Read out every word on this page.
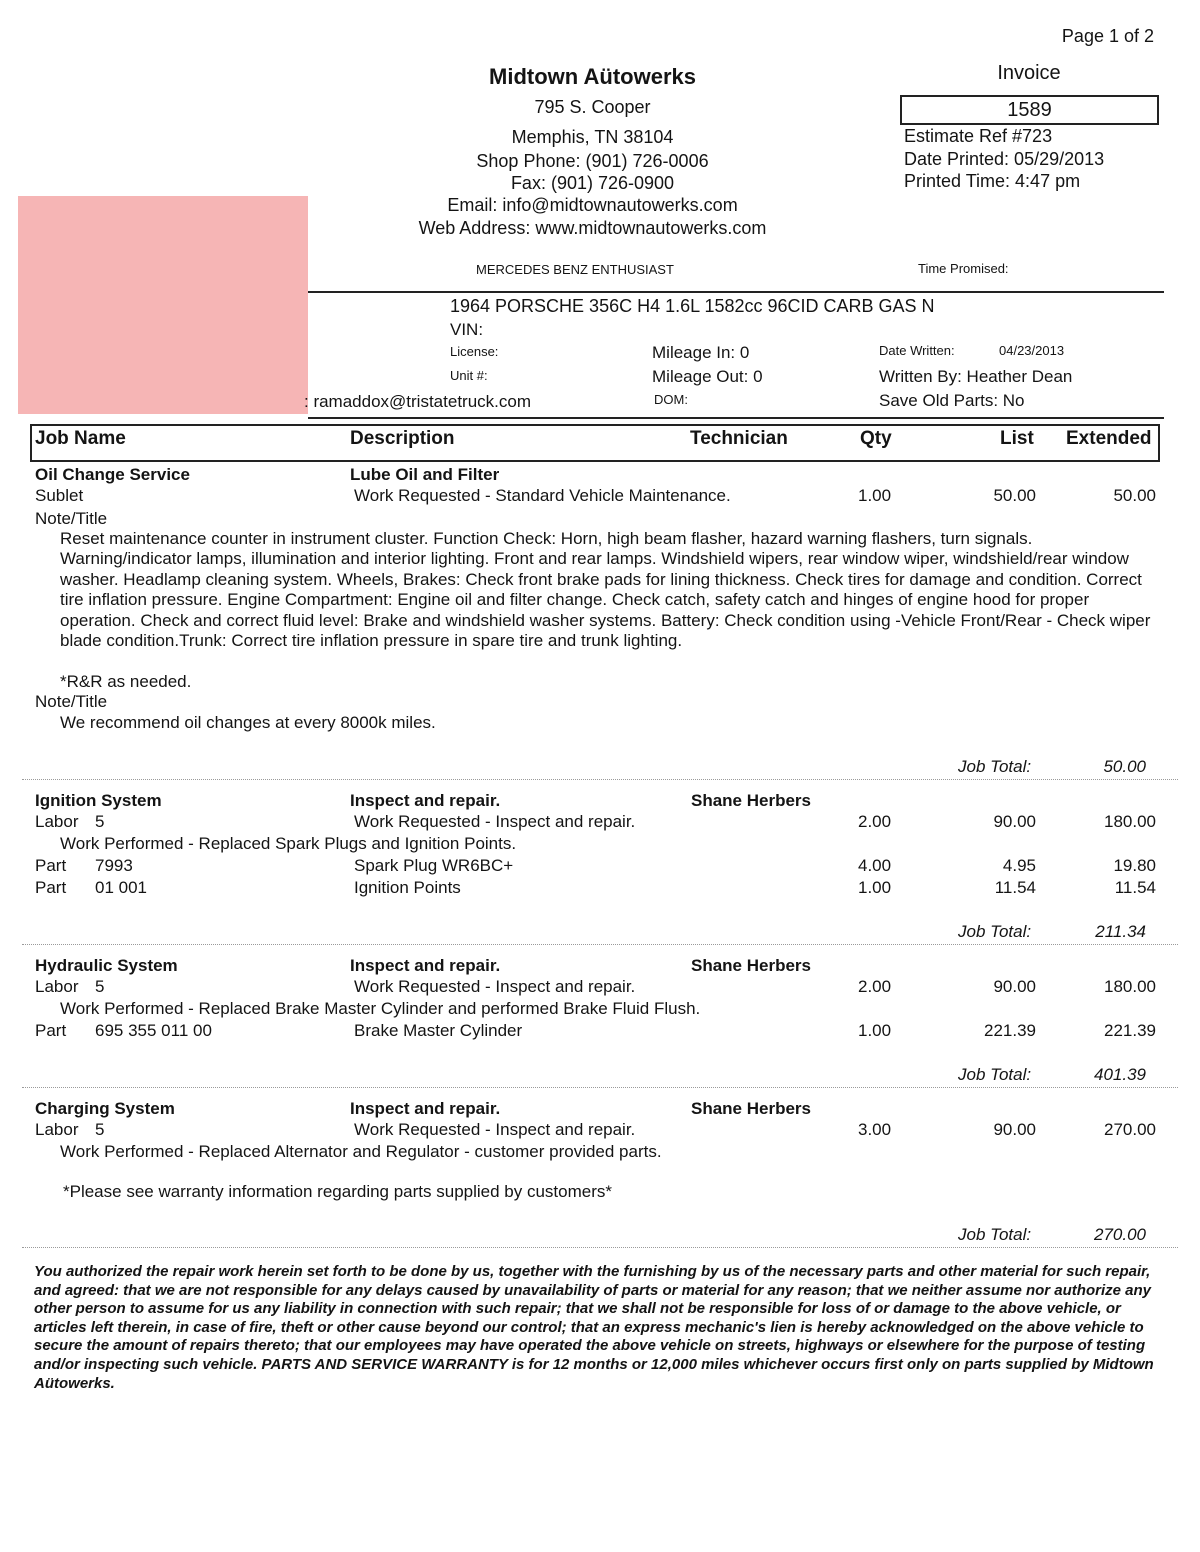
Page 1 of 2
Midtown Aütowerks
795 S. Cooper
Memphis, TN 38104
Shop Phone: (901) 726-0006
Fax: (901) 726-0900
Email: info@midtownautowerks.com
Web Address: www.midtownautowerks.com
MERCEDES BENZ ENTHUSIAST
Invoice
1589
Estimate Ref #723
Date Printed: 05/29/2013
Printed Time: 4:47 pm
Time Promised:
1964 PORSCHE 356C H4 1.6L 1582cc 96CID CARB GAS N
VIN:
License:
Unit #:
Mileage In: 0
Mileage Out: 0
DOM:
Date Written:	04/23/2013
Written By: Heather Dean
Save Old Parts: No
: ramaddox@tristatetruck.com
Job Name	Description	Technician	Qty	List Extended
Oil Change Service	Lube Oil and Filter
Sublet	Work Requested - Standard Vehicle Maintenance.	1.00	50.00	50.00
Note/Title
Reset maintenance counter in instrument cluster. Function Check: Horn, high beam flasher, hazard warning flashers, turn signals. Warning/indicator lamps, illumination and interior lighting. Front and rear lamps. Windshield wipers, rear window wiper, windshield/rear window washer. Headlamp cleaning system. Wheels, Brakes: Check front brake pads for lining thickness. Check tires for damage and condition. Correct tire inflation pressure. Engine Compartment: Engine oil and filter change. Check catch, safety catch and hinges of engine hood for proper operation. Check and correct fluid level: Brake and windshield washer systems. Battery: Check condition using -Vehicle Front/Rear - Check wiper blade condition.Trunk: Correct tire inflation pressure in spare tire and trunk lighting.
*R&R as needed.
Note/Title
We recommend oil changes at every 8000k miles.
Job Total:	50.00
Ignition System	Inspect and repair.	Shane Herbers
Labor 5	Work Requested - Inspect and repair.	2.00	90.00	180.00
Work Performed - Replaced Spark Plugs and Ignition Points.
Part 7993	Spark Plug WR6BC+	4.00	4.95	19.80
Part 01 001	Ignition Points	1.00	11.54	11.54
Job Total:	211.34
Hydraulic System	Inspect and repair.	Shane Herbers
Labor 5	Work Requested - Inspect and repair.	2.00	90.00	180.00
Work Performed - Replaced Brake Master Cylinder and performed Brake Fluid Flush.
Part 695 355 011 00	Brake Master Cylinder	1.00	221.39	221.39
Job Total:	401.39
Charging System	Inspect and repair.	Shane Herbers
Labor 5	Work Requested - Inspect and repair.	3.00	90.00	270.00
Work Performed - Replaced Alternator and Regulator - customer provided parts.
*Please see warranty information regarding parts supplied by customers*
Job Total:	270.00
You authorized the repair work herein set forth to be done by us, together with the furnishing by us of the necessary parts and other material for such repair, and agreed: that we are not responsible for any delays caused by unavailability of parts or material for any reason; that we neither assume nor authorize any other person to assume for us any liability in connection with such repair; that we shall not be responsible for loss of or damage to the above vehicle, or articles left therein, in case of fire, theft or other cause beyond our control; that an express mechanic's lien is hereby acknowledged on the above vehicle to secure the amount of repairs thereto; that our employees may have operated the above vehicle on streets, highways or elsewhere for the purpose of testing and/or inspecting such vehicle. PARTS AND SERVICE WARRANTY is for 12 months or 12,000 miles whichever occurs first only on parts supplied by Midtown Aütowerks.
